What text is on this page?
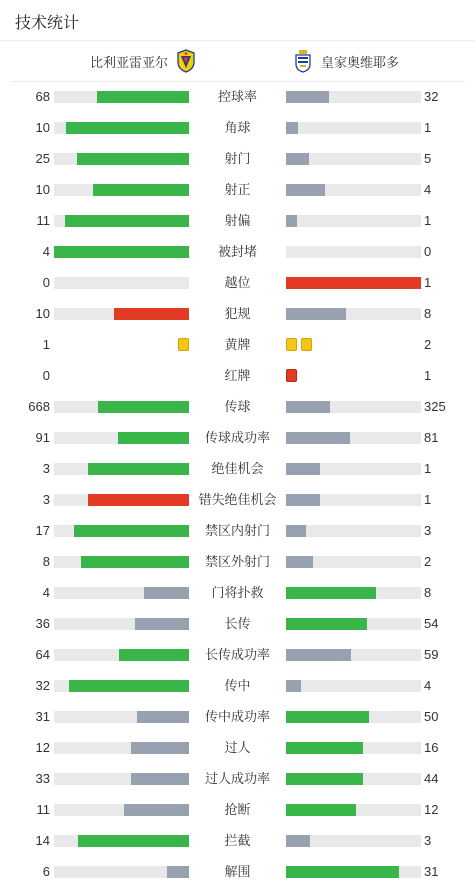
技术统计
比利亚雷亚尔	皇家奥维耶多
68	控球率	32
10	角球	1
25	射门	5
10	射正	4
11	射偏	1
4	被封堵	0
0	越位	1
10	犯规	8
1	黄牌	2
0	红牌	1
668	传球	325
91	传球成功率	81
3	绝佳机会	1
3	错失绝佳机会	1
17	禁区内射门	3
8	禁区外射门	2
4	门将扑救	8
36	长传	54
64	长传成功率	59
32	传中	4
31	传中成功率	50
12	过人	16
33	过人成功率	44
11	抢断	12
14	拦截	3
6	解围	31
